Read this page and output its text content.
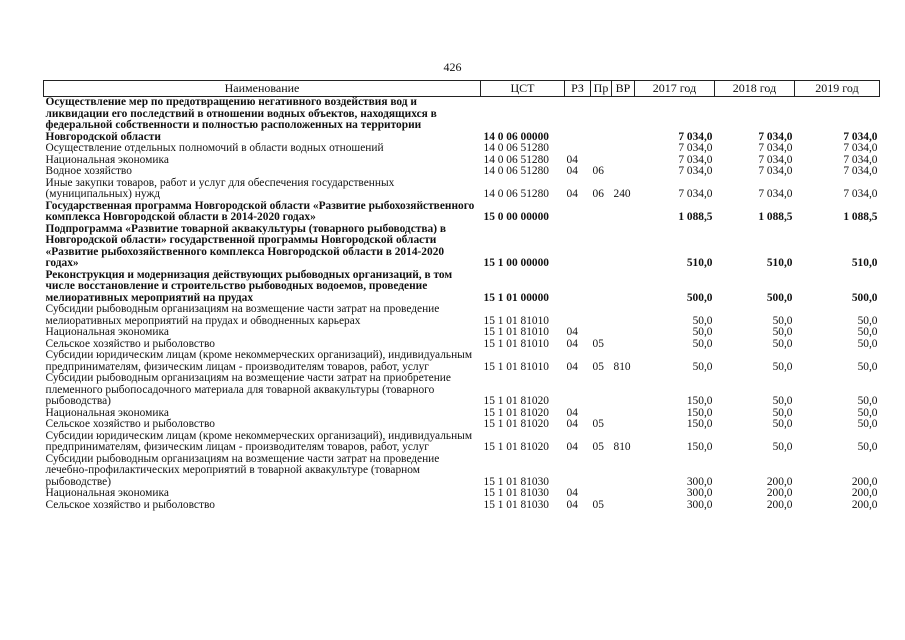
426
Наименование	ЦСТ	РЗ	Пр	ВР	2017 год	2018 год	2019 год
Осуществление мер по предотвращению негативного воздействия вод и ликвидации его последствий в отношении водных объектов, находящихся в федеральной собственности и полностью расположенных на территории Новгородской области	14 0 06 00000				7 034,0	7 034,0	7 034,0
Осуществление отдельных полномочий в области водных отношений	14 0 06 51280				7 034,0	7 034,0	7 034,0
Национальная экономика	14 0 06 51280	04			7 034,0	7 034,0	7 034,0
Водное хозяйство	14 0 06 51280	04	06		7 034,0	7 034,0	7 034,0
Иные закупки товаров, работ и услуг для обеспечения государственных (муниципальных) нужд	14 0 06 51280	04	06	240	7 034,0	7 034,0	7 034,0
Государственная программа Новгородской области «Развитие рыбохозяйственного комплекса Новгородской области в 2014-2020 годах»	15 0 00 00000				1 088,5	1 088,5	1 088,5
Подпрограмма «Развитие товарной аквакультуры (товарного рыбоводства) в Новгородской области» государственной программы Новгородской области «Развитие рыбохозяйственного комплекса Новгородской области в 2014-2020 годах»	15 1 00 00000				510,0	510,0	510,0
Реконструкция и модернизация действующих рыбоводных организаций, в том числе восстановление и строительство рыбоводных водоемов, проведение мелиоративных мероприятий на прудах	15 1 01 00000				500,0	500,0	500,0
Субсидии рыбоводным организациям на возмещение части затрат на проведение мелиоративных мероприятий на прудах и обводненных карьерах	15 1 01 81010				50,0	50,0	50,0
Национальная экономика	15 1 01 81010	04			50,0	50,0	50,0
Сельское хозяйство и рыболовство	15 1 01 81010	04	05		50,0	50,0	50,0
Субсидии юридическим лицам (кроме некоммерческих организаций), индивидуальным предпринимателям, физическим лицам - производителям товаров, работ, услуг	15 1 01 81010	04	05	810	50,0	50,0	50,0
Субсидии рыбоводным организациям на возмещение части затрат на приобретение племенного рыбопосадочного материала для товарной аквакультуры (товарного рыбоводства)	15 1 01 81020				150,0	50,0	50,0
Национальная экономика	15 1 01 81020	04			150,0	50,0	50,0
Сельское хозяйство и рыболовство	15 1 01 81020	04	05		150,0	50,0	50,0
Субсидии юридическим лицам (кроме некоммерческих организаций), индивидуальным предпринимателям, физическим лицам - производителям товаров, работ, услуг	15 1 01 81020	04	05	810	150,0	50,0	50,0
Субсидии рыбоводным организациям на возмещение части затрат на проведение лечебно-профилактических мероприятий в товарной аквакультуре (товарном рыбоводстве)	15 1 01 81030				300,0	200,0	200,0
Национальная экономика	15 1 01 81030	04			300,0	200,0	200,0
Сельское хозяйство и рыболовство	15 1 01 81030	04	05		300,0	200,0	200,0
